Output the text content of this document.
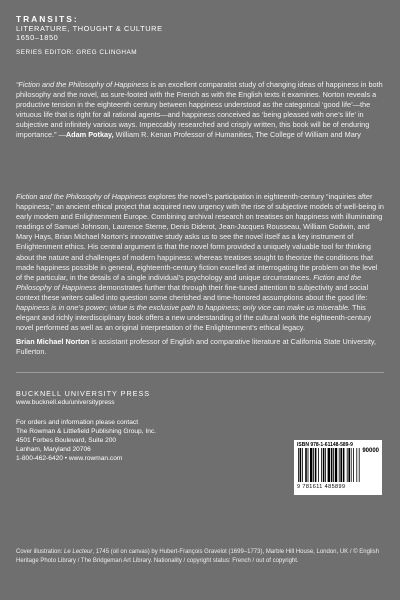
TRANSITS:
LITERATURE, THOUGHT & CULTURE
1650–1850
SERIES EDITOR: GREG CLINGHAM
“Fiction and the Philosophy of Happiness is an excellent comparatist study of changing ideas of happiness in both philosophy and the novel, as sure-footed with the French as with the English texts it examines. Norton reveals a productive tension in the eighteenth century between happiness understood as the categorical ‘good life’—the virtuous life that is right for all rational agents—and happiness conceived as ‘being pleased with one’s life’ in subjective and infinitely various ways. Impeccably researched and crisply written, this book will be of enduring importance.” —Adam Potkay, William R. Kenan Professor of Humanities, The College of William and Mary
Fiction and the Philosophy of Happiness explores the novel’s participation in eighteenth-century “inquiries after happiness,” an ancient ethical project that acquired new urgency with the rise of subjective models of well-being in early modern and Enlightenment Europe. Combining archival research on treatises on happiness with illuminating readings of Samuel Johnson, Laurence Sterne, Denis Diderot, Jean-Jacques Rousseau, William Godwin, and Mary Hays, Brian Michael Norton’s innovative study asks us to see the novel itself as a key instrument of Enlightenment ethics. His central argument is that the novel form provided a uniquely valuable tool for thinking about the nature and challenges of modern happiness: whereas treatises sought to theorize the conditions that made happiness possible in general, eighteenth-century fiction excelled at interrogating the problem on the level of the particular, in the details of a single individual’s psychology and unique circumstances. Fiction and the Philosophy of Happiness demonstrates further that through their fine-tuned attention to subjectivity and social context these writers called into question some cherished and time-honored assumptions about the good life: happiness is in one’s power; virtue is the exclusive path to happiness; only vice can make us miserable. This elegant and richly interdisciplinary book offers a new understanding of the cultural work the eighteenth-century novel performed as well as an original interpretation of the Enlightenment’s ethical legacy.
Brian Michael Norton is assistant professor of English and comparative literature at California State University, Fullerton.
BUCKNELL UNIVERSITY PRESS
www.bucknell.edu/universitypress
For orders and information please contact
The Rowman & Littlefield Publishing Group, Inc.
4501 Forbes Boulevard, Suite 200
Lanham, Maryland 20706
1-800-462-6420 • www.rowman.com
ISBN 978-1-61148-589-9
90000
9 781611 485899
Cover illustration: Le Lecteur, 1745 (oil on canvas) by Hubert-François Gravelot (1699–1773), Marble Hill House, London, UK / © English Heritage Photo Library / The Bridgeman Art Library. Nationality / copyright status: French / out of copyright.
